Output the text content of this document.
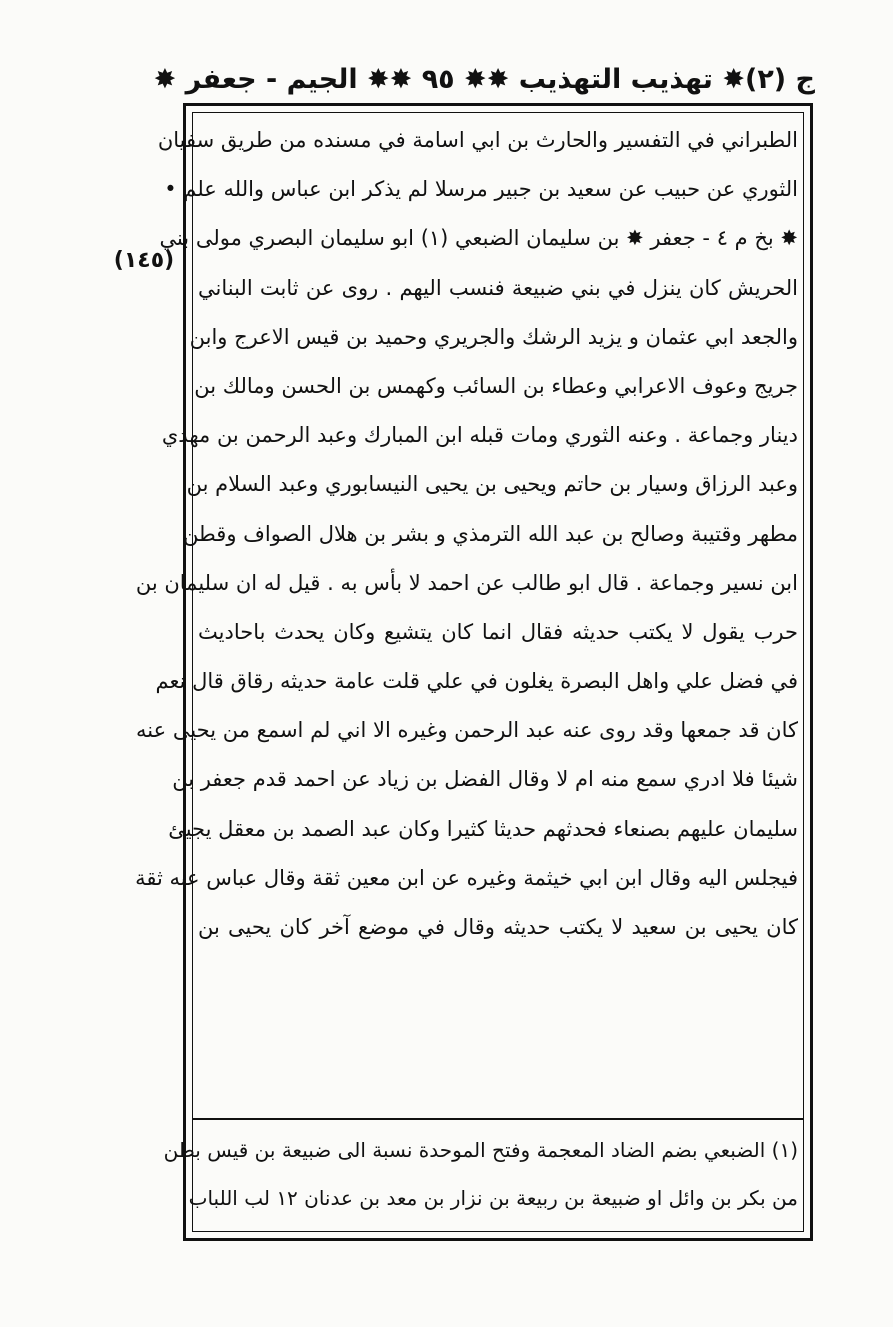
ج (٢)
✸ تهذيب التهذيب ✸
✸ ٩٥ ✸
✸ الجيم - جعفر ✸
(١٤٥)
الطبراني في التفسير والحارث بن ابي اسامة في مسنده من طريق سفيان
الثوري عن حبيب عن سعيد بن جبير مرسلا لم يذكر ابن عباس والله علم •
✸ بخ م ٤ - جعفر ✸ بن سليمان الضبعي (١) ابو سليمان البصري مولى بني
الحريش كان ينزل في بني ضبيعة فنسب اليهم . روى عن ثابت البناني
والجعد ابي عثمان و يزيد الرشك والجريري وحميد بن قيس الاعرج وابن
جريج وعوف الاعرابي وعطاء بن السائب وكهمس بن الحسن ومالك بن
دينار وجماعة . وعنه الثوري ومات قبله ابن المبارك وعبد الرحمن بن مهدي
وعبد الرزاق وسيار بن حاتم ويحيى بن يحيى النيسابوري وعبد السلام بن
مطهر وقتيبة وصالح بن عبد الله الترمذي و بشر بن هلال الصواف وقطن
ابن نسير وجماعة . قال ابو طالب عن احمد لا بأس به . قيل له ان سليمان بن
حرب يقول لا يكتب حديثه فقال انما كان يتشيع وكان يحدث باحاديث
في فضل علي واهل البصرة يغلون في علي قلت عامة حديثه رقاق قال نعم
كان قد جمعها وقد روى عنه عبد الرحمن وغيره الا اني لم اسمع من يحيى عنه
شيئا فلا ادري سمع منه ام لا وقال الفضل بن زياد عن احمد قدم جعفر بن
سليمان عليهم بصنعاء فحدثهم حديثا كثيرا وكان عبد الصمد بن معقل يجيئ
فيجلس اليه وقال ابن ابي خيثمة وغيره عن ابن معين ثقة وقال عباس عنه ثقة
كان يحيى بن سعيد لا يكتب حديثه وقال في موضع آخر كان يحيى بن
(١) الضبعي بضم الضاد المعجمة وفتح الموحدة نسبة الى ضبيعة بن قيس بطن
من بكر بن وائل او ضبيعة بن ربيعة بن نزار بن معد بن عدنان ١٢ لب اللباب
